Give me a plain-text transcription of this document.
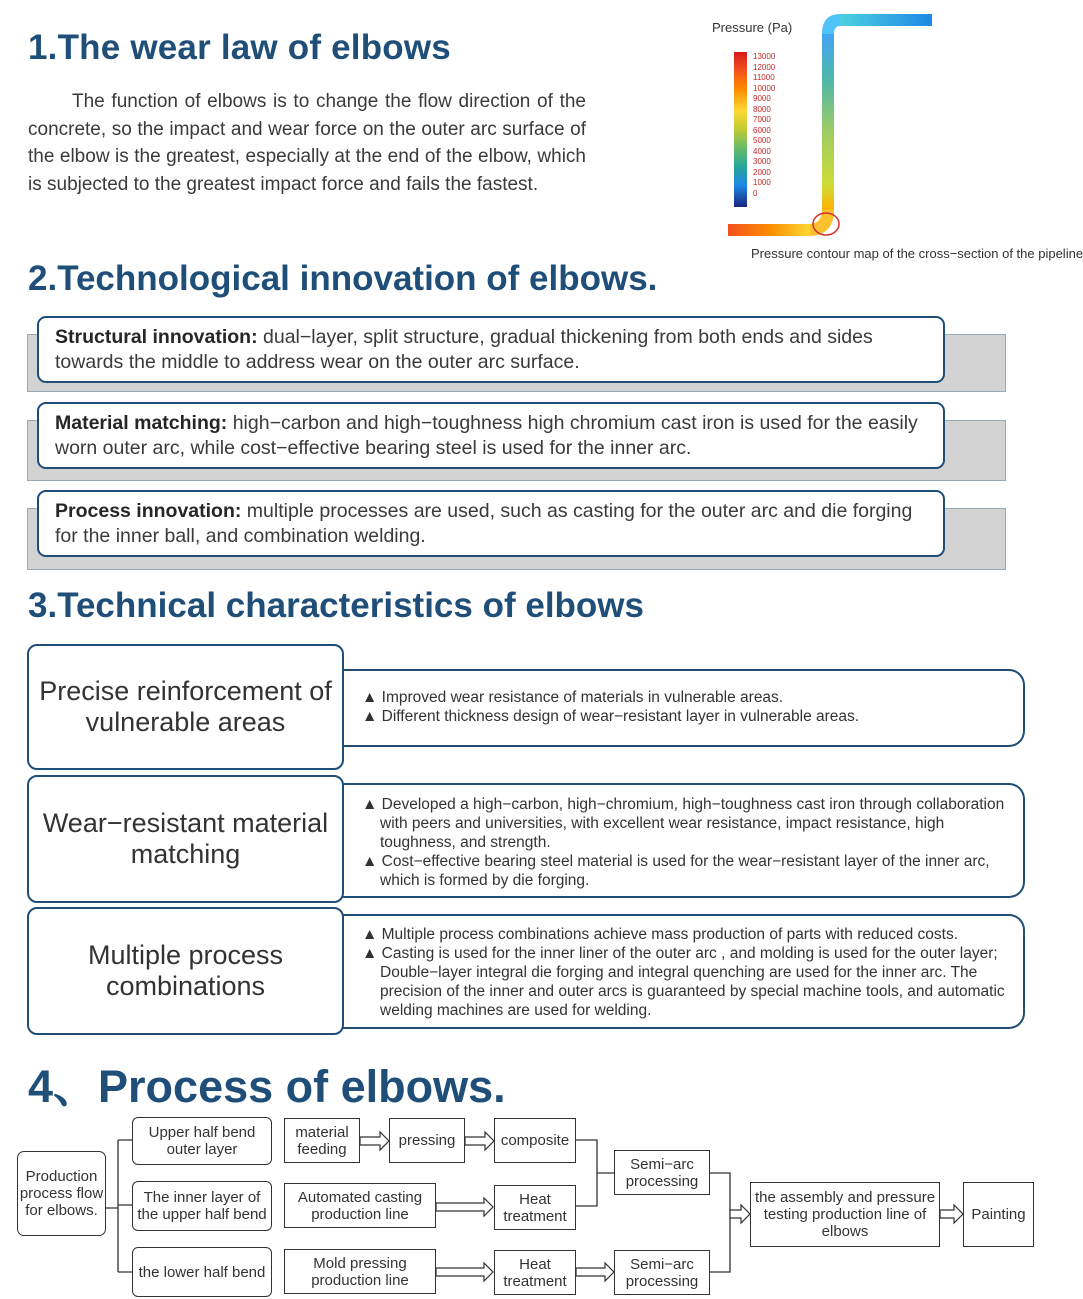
1.The wear law of elbows

The function of elbows is to change the flow direction of the concrete, so the impact and wear force on the outer arc surface of the elbow is the greatest, especially at the end of the elbow, which is subjected to the greatest impact force and fails the fastest.

2.Technological innovation of elbows.
3.Technical characteristics of elbows
4、Process of elbows.
Pressure (Pa)
13000
12000
11000
10000
9000
8000
7000
6000
5000
4000
3000
2000
1000
0
Pressure contour map of the cross−section of the pipeline
Structural innovation: dual−layer, split structure, gradual thickening from both ends and sides towards the middle to address wear on the outer arc surface.
Material matching: high−carbon and high−toughness high chromium cast iron is used for the easily worn outer arc, while cost−effective bearing steel is used for the inner arc.
Process innovation: multiple processes are used, such as casting for the outer arc and die forging for the inner ball, and combination welding.
Precise reinforcement of vulnerable areas
▲ Improved wear resistance of materials in vulnerable areas.
▲ Different thickness design of wear−resistant layer in vulnerable areas.
Wear−resistant material matching
▲ Developed a high−carbon, high−chromium, high−toughness cast iron through collaboration with peers and universities, with excellent wear resistance, impact resistance, high toughness, and strength.
▲ Cost−effective bearing steel material is used for the wear−resistant layer of the inner arc, which is formed by die forging.
Multiple process combinations
▲ Multiple process combinations achieve mass production of parts with reduced costs.
▲ Casting is used for the inner liner of the outer arc , and molding is used for the outer layer; Double−layer integral die forging and integral quenching are used for the inner arc. The precision of the inner and outer arcs is guaranteed by special machine tools, and automatic welding machines are used for welding.
Production process flow for elbows.
Upper half bend outer layer
The inner layer of the upper half bend
the lower half bend
material feeding	pressing	composite
Automated casting production line
Heat treatment
Mold pressing production line
Heat treatment
Semi−arc processing
Semi−arc processing
the assembly and pressure testing production line of elbows
Painting
